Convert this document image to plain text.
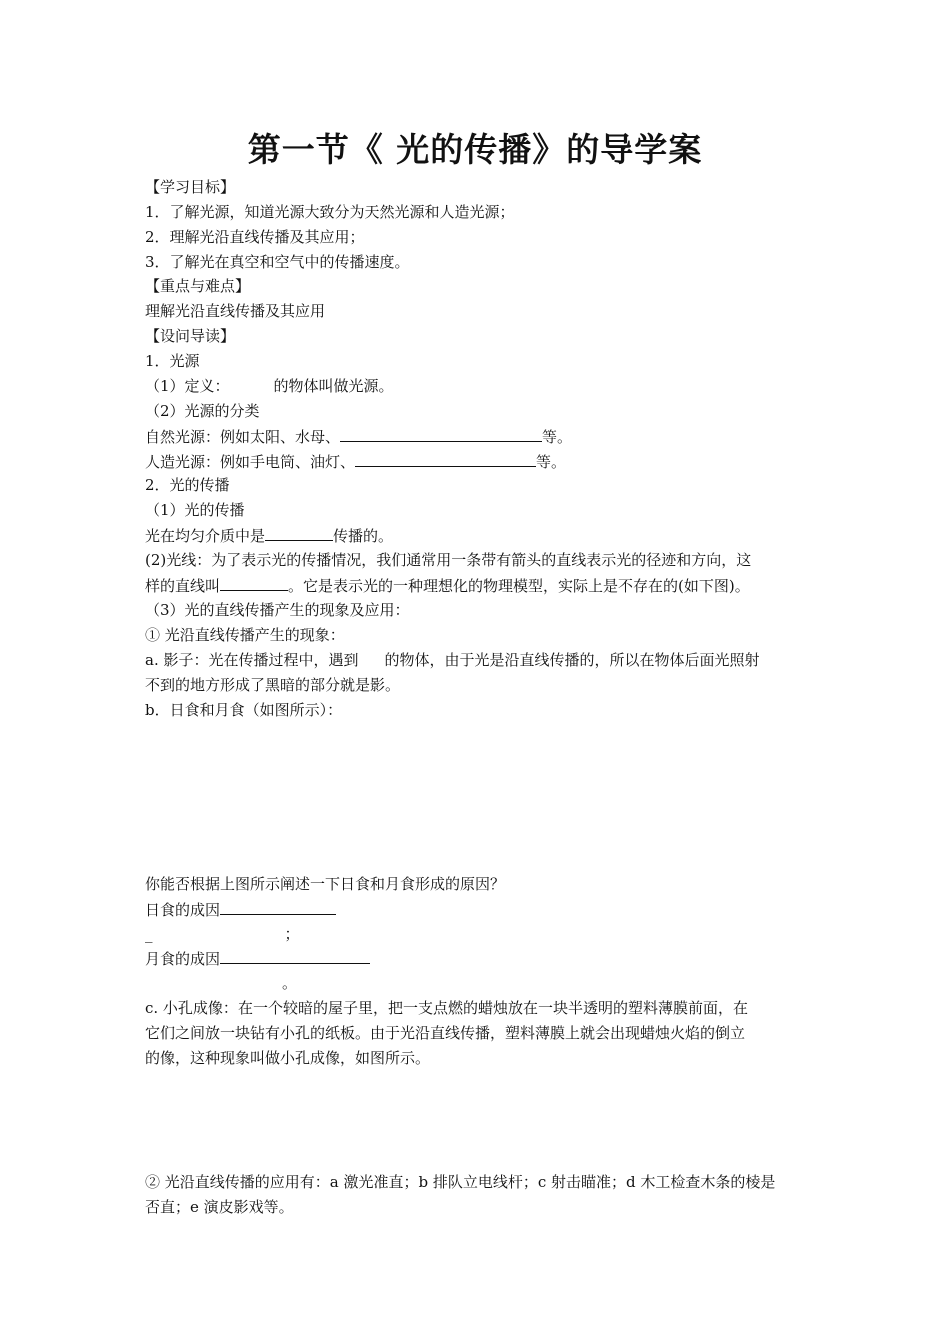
第一节《 光的传播》的导学案
【学习目标】
1．了解光源，知道光源大致分为天然光源和人造光源；
2．理解光沿直线传播及其应用；
3．了解光在真空和空气中的传播速度。
【重点与难点】
理解光沿直线传播及其应用
【设问导读】
1．光源
（1）定义：	的物体叫做光源。
（2）光源的分类
自然光源：例如太阳、水母、	等。
人造光源：例如手电筒、油灯、	等。
2．光的传播
（1）光的传播
光在均匀介质中是	传播的。
(2)光线：为了表示光的传播情况，我们通常用一条带有箭头的直线表示光的径迹和方向，这
样的直线叫	。它是表示光的一种理想化的物理模型，实际上是不存在的(如下图)。
（3）光的直线传播产生的现象及应用：
① 光沿直线传播产生的现象：
a. 影子：光在传播过程中，遇到 的物体，由于光是沿直线传播的，所以在物体后面光照射
不到的地方形成了黑暗的部分就是影。
b．日食和月食（如图所示）：
你能否根据上图所示阐述一下日食和月食形成的原因？
日食的成因
_	；
月食的成因
。
c. 小孔成像：在一个较暗的屋子里，把一支点燃的蜡烛放在一块半透明的塑料薄膜前面，在
它们之间放一块钻有小孔的纸板。由于光沿直线传播，塑料薄膜上就会出现蜡烛火焰的倒立
的像，这种现象叫做小孔成像，如图所示。
② 光沿直线传播的应用有：a 激光准直；b 排队立电线杆；c 射击瞄准；d 木工检查木条的棱是
否直；e 演皮影戏等。
